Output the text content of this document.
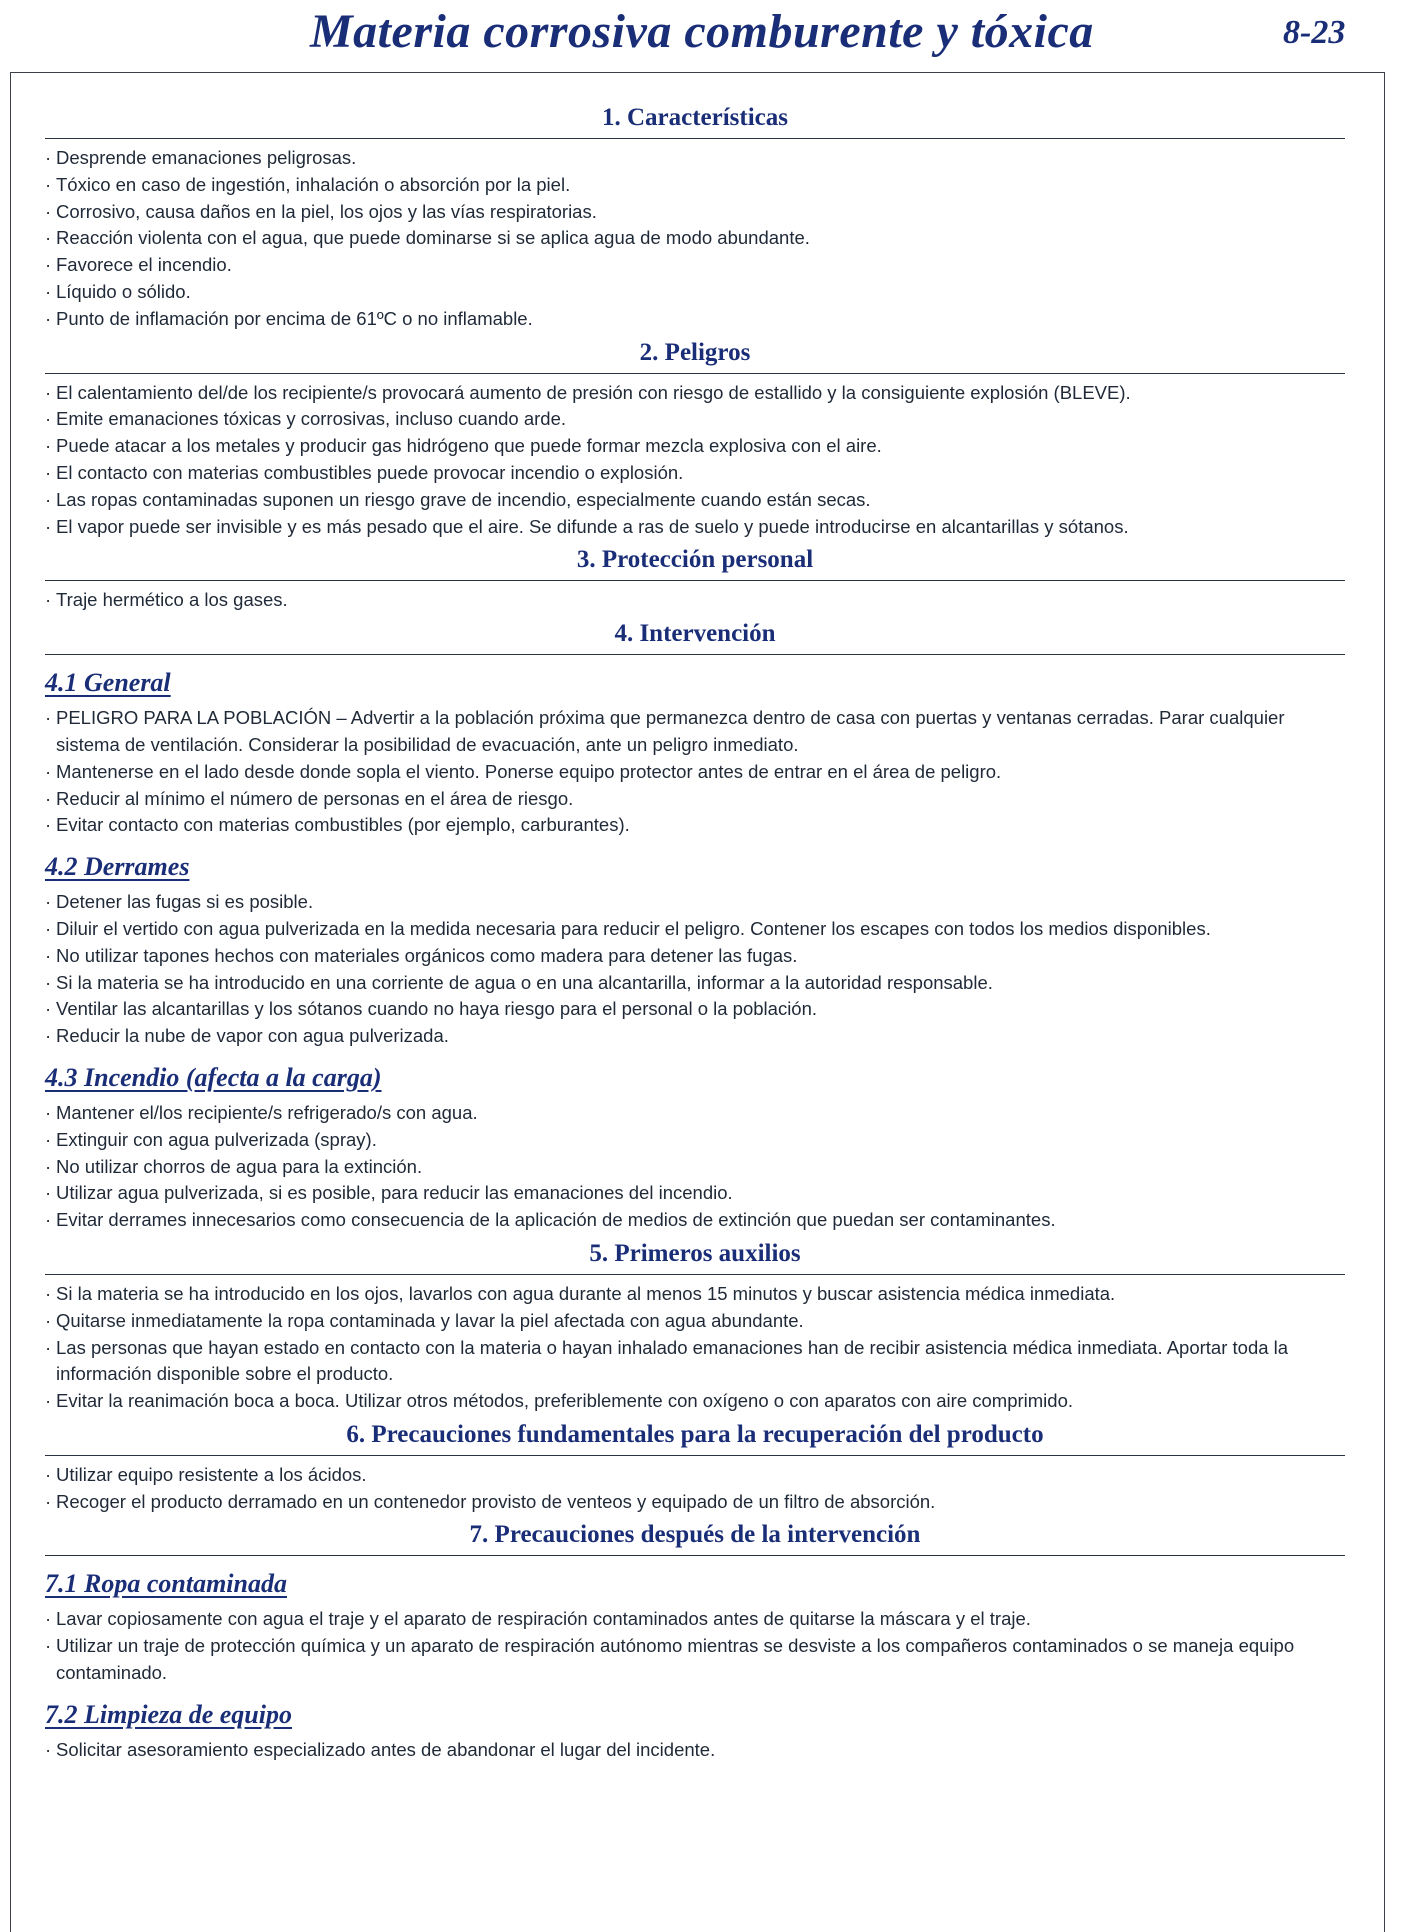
Materia corrosiva comburente y tóxica	8-23
1. Características
· Desprende emanaciones peligrosas.
· Tóxico en caso de ingestión, inhalación o absorción por la piel.
· Corrosivo, causa daños en la piel, los ojos y las vías respiratorias.
· Reacción violenta con el agua, que puede dominarse si se aplica agua de modo abundante.
· Favorece el incendio.
· Líquido o sólido.
· Punto de inflamación por encima de 61ºC o no inflamable.
2. Peligros
· El calentamiento del/de los recipiente/s provocará aumento de presión con riesgo de estallido y la consiguiente explosión (BLEVE).
· Emite emanaciones tóxicas y corrosivas, incluso cuando arde.
· Puede atacar a los metales y producir gas hidrógeno que puede formar mezcla explosiva con el aire.
· El contacto con materias combustibles puede provocar incendio o explosión.
· Las ropas contaminadas suponen un riesgo grave de incendio, especialmente cuando están secas.
· El vapor puede ser invisible y es más pesado que el aire. Se difunde a ras de suelo y puede introducirse en alcantarillas y sótanos.
3. Protección personal
· Traje hermético a los gases.
4. Intervención
4.1 General
· PELIGRO PARA LA POBLACIÓN – Advertir a la población próxima que permanezca dentro de casa con puertas y ventanas cerradas. Parar cualquier sistema de ventilación. Considerar la posibilidad de evacuación, ante un peligro inmediato.
· Mantenerse en el lado desde donde sopla el viento. Ponerse equipo protector antes de entrar en el área de peligro.
· Reducir al mínimo el número de personas en el área de riesgo.
· Evitar contacto con materias combustibles (por ejemplo, carburantes).
4.2 Derrames
· Detener las fugas si es posible.
· Diluir el vertido con agua pulverizada en la medida necesaria para reducir el peligro. Contener los escapes con todos los medios disponibles.
· No utilizar tapones hechos con materiales orgánicos como madera para detener las fugas.
· Si la materia se ha introducido en una corriente de agua o en una alcantarilla, informar a la autoridad responsable.
· Ventilar las alcantarillas y los sótanos cuando no haya riesgo para el personal o la población.
· Reducir la nube de vapor con agua pulverizada.
4.3 Incendio (afecta a la carga)
· Mantener el/los recipiente/s refrigerado/s con agua.
· Extinguir con agua pulverizada (spray).
· No utilizar chorros de agua para la extinción.
· Utilizar agua pulverizada, si es posible, para reducir las emanaciones del incendio.
· Evitar derrames innecesarios como consecuencia de la aplicación de medios de extinción que puedan ser contaminantes.
5. Primeros auxilios
· Si la materia se ha introducido en los ojos, lavarlos con agua durante al menos 15 minutos y buscar asistencia médica inmediata.
· Quitarse inmediatamente la ropa contaminada y lavar la piel afectada con agua abundante.
· Las personas que hayan estado en contacto con la materia o hayan inhalado emanaciones han de recibir asistencia médica inmediata. Aportar toda la información disponible sobre el producto.
· Evitar la reanimación boca a boca. Utilizar otros métodos, preferiblemente con oxígeno o con aparatos con aire comprimido.
6. Precauciones fundamentales para la recuperación del producto
· Utilizar equipo resistente a los ácidos.
· Recoger el producto derramado en un contenedor provisto de venteos y equipado de un filtro de absorción.
7. Precauciones después de la intervención
7.1 Ropa contaminada
· Lavar copiosamente con agua el traje y el aparato de respiración contaminados antes de quitarse la máscara y el traje.
· Utilizar un traje de protección química y un aparato de respiración autónomo mientras se desviste a los compañeros contaminados o se maneja equipo contaminado.
7.2 Limpieza de equipo
· Solicitar asesoramiento especializado antes de abandonar el lugar del incidente.
